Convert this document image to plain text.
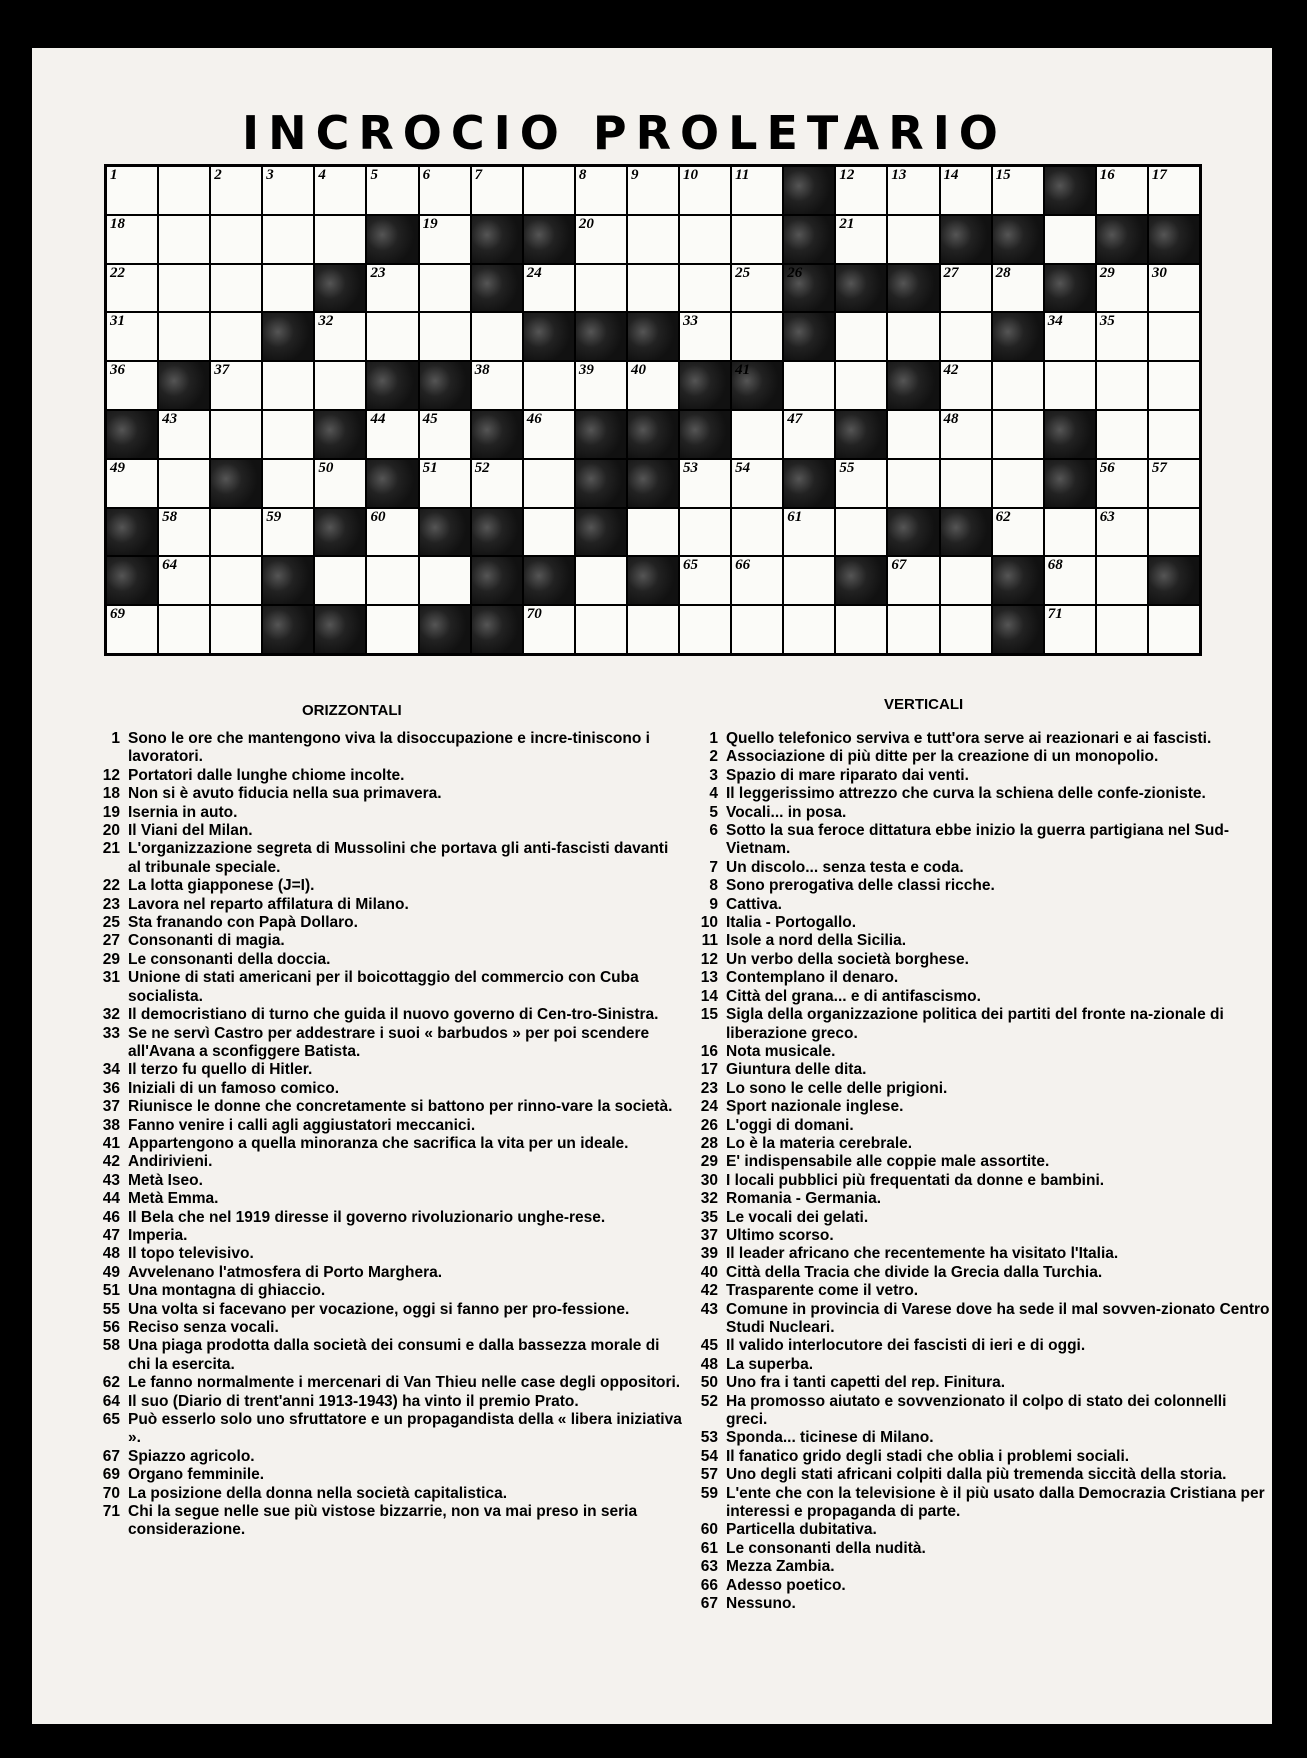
INCROCIO PROLETARIO
1	2	3	4	5	6	7	8	9	10 11	12 13 14 15	16 17
18	19	20	21
22	23	24	25 26	27 28	29 30
31	32	33	34 35
36	37	38	39 40	41	42
43	44 45	46	47	48
49	50	51 52	53 54	55	56 57
58	59	60	61	62	63
64	65 66	67	68
69	70	71
ORIZZONTALI	VERTICALI
1 Sono le ore che mantengono viva la disoccupazione e incre-tiniscono i lavoratori.
12 Portatori dalle lunghe chiome incolte.
18 Non si è avuto fiducia nella sua primavera.
19 Isernia in auto.
20 Il Viani del Milan.
21 L'organizzazione segreta di Mussolini che portava gli anti-fascisti davanti al tribunale speciale.
22 La lotta giapponese (J=I).
23 Lavora nel reparto affilatura di Milano.
25 Sta franando con Papà Dollaro.
27 Consonanti di magia.
29 Le consonanti della doccia.
31 Unione di stati americani per il boicottaggio del commercio con Cuba socialista.
32 Il democristiano di turno che guida il nuovo governo di Cen-tro-Sinistra.
33 Se ne servì Castro per addestrare i suoi « barbudos » per poi scendere all'Avana a sconfiggere Batista.
34 Il terzo fu quello di Hitler.
36 Iniziali di un famoso comico.
37 Riunisce le donne che concretamente si battono per rinno-vare la società.
38 Fanno venire i calli agli aggiustatori meccanici.
41 Appartengono a quella minoranza che sacrifica la vita per un ideale.
42 Andirivieni.
43 Metà Iseo.
44 Metà Emma.
46 Il Bela che nel 1919 diresse il governo rivoluzionario unghe-rese.
47 Imperia.
48 Il topo televisivo.
49 Avvelenano l'atmosfera di Porto Marghera.
51 Una montagna di ghiaccio.
55 Una volta si facevano per vocazione, oggi si fanno per pro-fessione.
56 Reciso senza vocali.
58 Una piaga prodotta dalla società dei consumi e dalla bassezza morale di chi la esercita.
62 Le fanno normalmente i mercenari di Van Thieu nelle case degli oppositori.
64 Il suo (Diario di trent'anni 1913-1943) ha vinto il premio Prato.
65 Può esserlo solo uno sfruttatore e un propagandista della « libera iniziativa ».
67 Spiazzo agricolo.
69 Organo femminile.
70 La posizione della donna nella società capitalistica.
71 Chi la segue nelle sue più vistose bizzarrie, non va mai preso in seria considerazione.
1 Quello telefonico serviva e tutt'ora serve ai reazionari e ai fascisti.
2 Associazione di più ditte per la creazione di un monopolio.
3 Spazio di mare riparato dai venti.
4 Il leggerissimo attrezzo che curva la schiena delle confe-zioniste.
5 Vocali... in posa.
6 Sotto la sua feroce dittatura ebbe inizio la guerra partigiana nel Sud-Vietnam.
7 Un discolo... senza testa e coda.
8 Sono prerogativa delle classi ricche.
9 Cattiva.
10 Italia - Portogallo.
11 Isole a nord della Sicilia.
12 Un verbo della società borghese.
13 Contemplano il denaro.
14 Città del grana... e di antifascismo.
15 Sigla della organizzazione politica dei partiti del fronte na-zionale di liberazione greco.
16 Nota musicale.
17 Giuntura delle dita.
23 Lo sono le celle delle prigioni.
24 Sport nazionale inglese.
26 L'oggi di domani.
28 Lo è la materia cerebrale.
29 E' indispensabile alle coppie male assortite.
30 I locali pubblici più frequentati da donne e bambini.
32 Romania - Germania.
35 Le vocali dei gelati.
37 Ultimo scorso.
39 Il leader africano che recentemente ha visitato l'Italia.
40 Città della Tracia che divide la Grecia dalla Turchia.
42 Trasparente come il vetro.
43 Comune in provincia di Varese dove ha sede il mal sovven-zionato Centro Studi Nucleari.
45 Il valido interlocutore dei fascisti di ieri e di oggi.
48 La superba.
50 Uno fra i tanti capetti del rep. Finitura.
52 Ha promosso aiutato e sovvenzionato il colpo di stato dei colonnelli greci.
53 Sponda... ticinese di Milano.
54 Il fanatico grido degli stadi che oblia i problemi sociali.
57 Uno degli stati africani colpiti dalla più tremenda siccità della storia.
59 L'ente che con la televisione è il più usato dalla Democrazia Cristiana per interessi e propaganda di parte.
60 Particella dubitativa.
61 Le consonanti della nudità.
63 Mezza Zambia.
66 Adesso poetico.
67 Nessuno.
